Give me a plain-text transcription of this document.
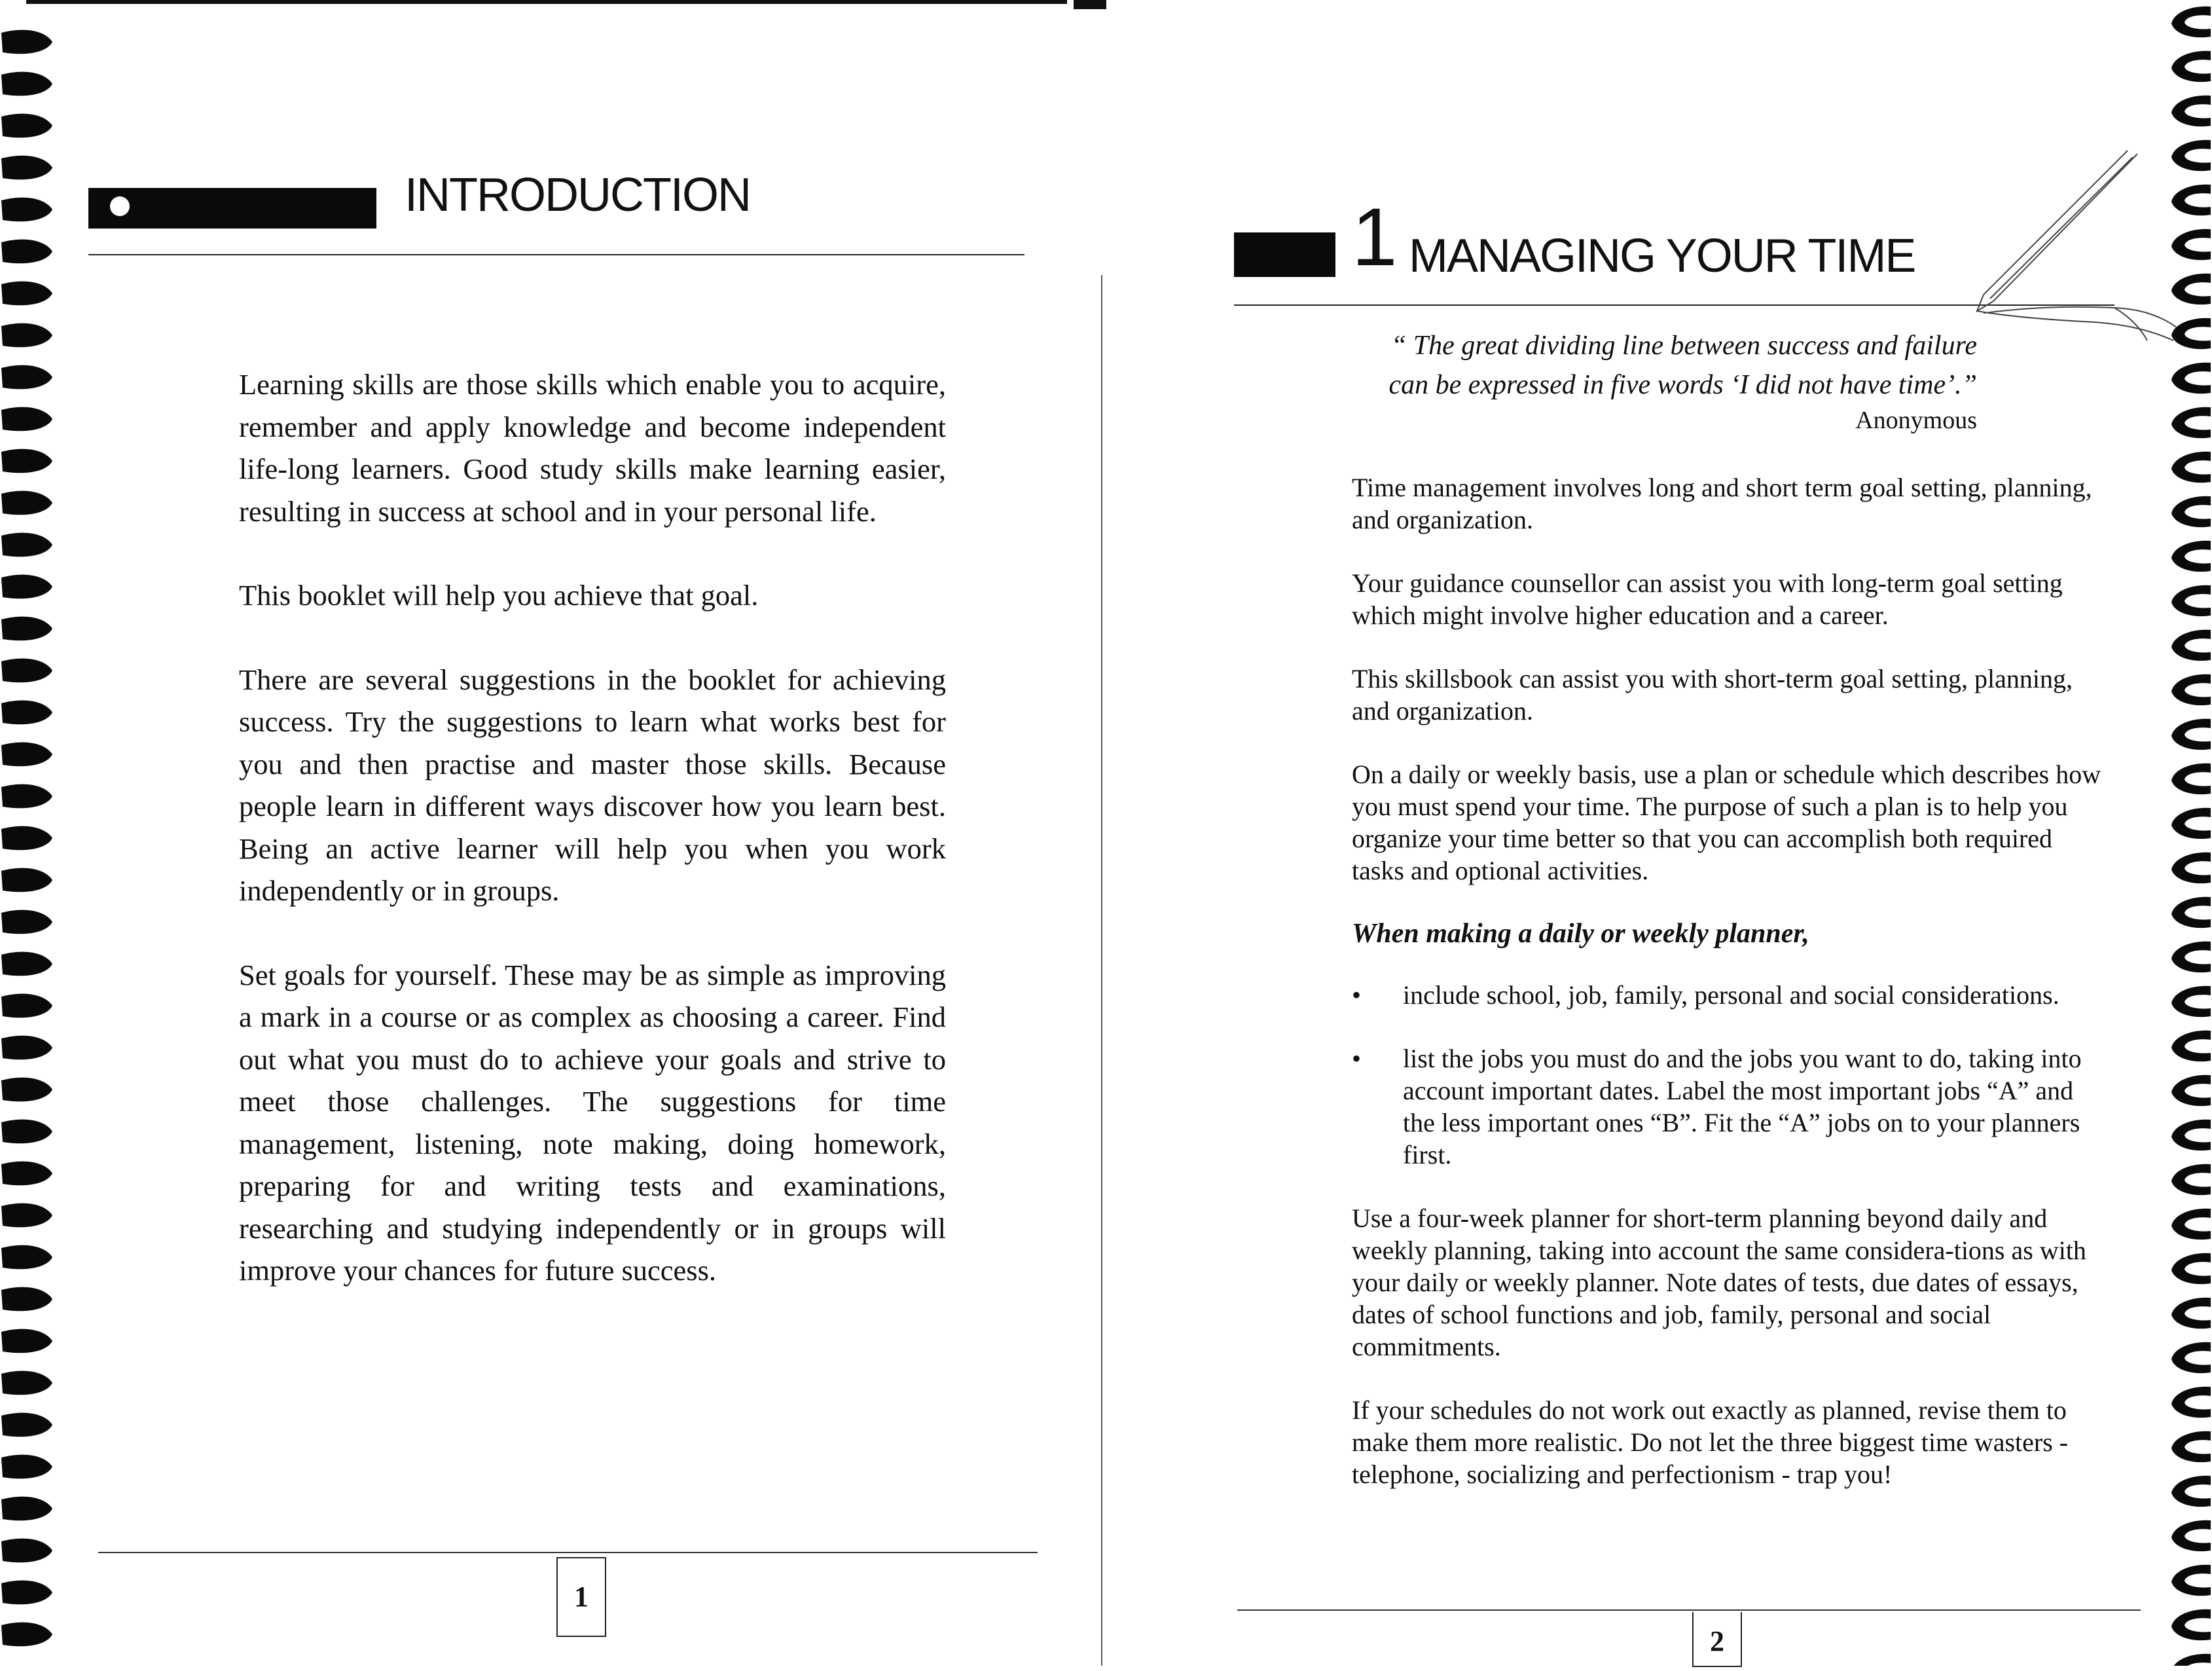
INTRODUCTION

Learning skills are those skills which enable you to acquire, remember and apply knowledge and become independent life-long learners. Good study skills make learning easier, resulting in success at school and in your personal life.

This booklet will help you achieve that goal.

There are several suggestions in the booklet for achieving success. Try the suggestions to learn what works best for you and then practise and master those skills. Because people learn in different ways discover how you learn best. Being an active learner will help you when you work independently or in groups.

Set goals for yourself. These may be as simple as improving a mark in a course or as complex as choosing a career. Find out what you must do to achieve your goals and strive to meet those challenges. The suggestions for time management, listening, note making, doing homework, preparing for and writing tests and examinations, researching and studying independently or in groups will improve your chances for future success.

1
1 MANAGING YOUR TIME
“ The great dividing line between success and failure
can be expressed in five words ‘I did not have time’.”
Anonymous

Time management involves long and short term goal setting, planning, and organization.

Your guidance counsellor can assist you with long-term goal setting which might involve higher education and a career.

This skillsbook can assist you with short-term goal setting, planning, and organization.

On a daily or weekly basis, use a plan or schedule which describes how you must spend your time. The purpose of such a plan is to help you organize your time better so that you can accomplish both required tasks and optional activities.

When making a daily or weekly planner,

• include school, job, family, personal and social considerations.
• list the jobs you must do and the jobs you want to do, taking into account important dates. Label the most important jobs “A” and the less important ones “B”. Fit the “A” jobs on to your planners first.

Use a four-week planner for short-term planning beyond daily and weekly planning, taking into account the same considera-tions as with your daily or weekly planner. Note dates of tests, due dates of essays, dates of school functions and job, family, personal and social commitments.

If your schedules do not work out exactly as planned, revise them to make them more realistic. Do not let the three biggest time wasters - telephone, socializing and perfectionism - trap you!

2
